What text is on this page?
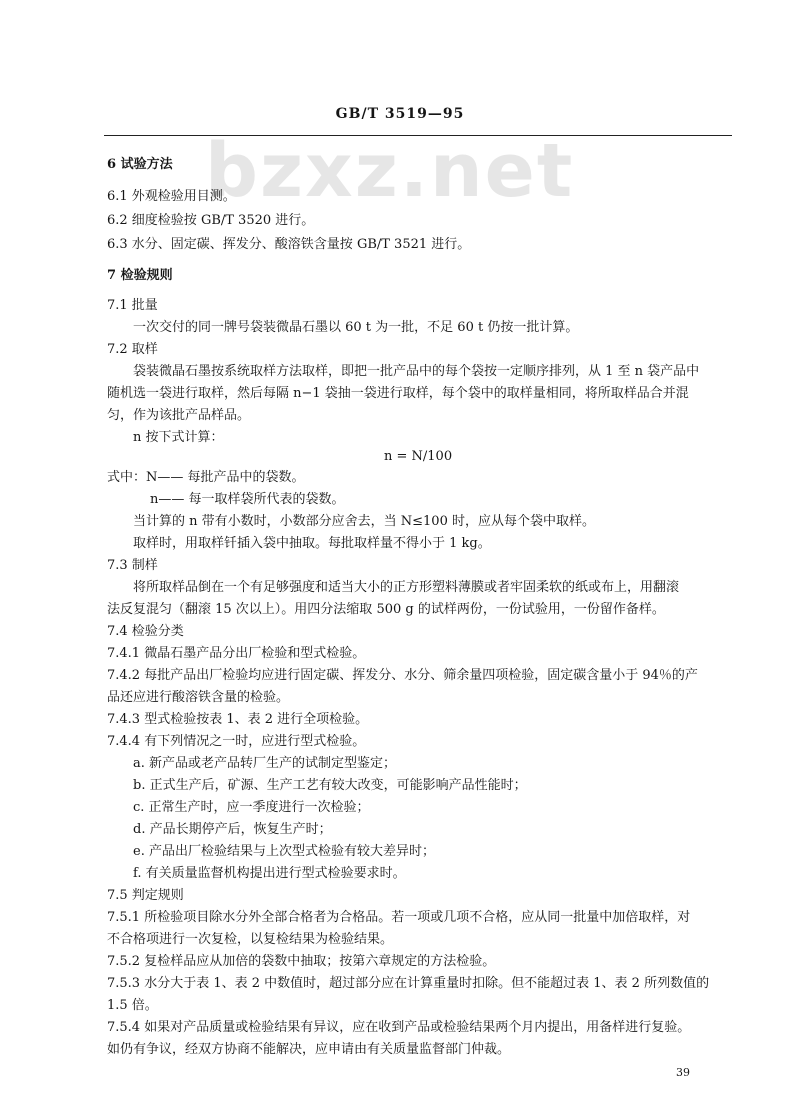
bzxz.net
GB/T 3519—95
6 试验方法
6.1 外观检验用目测。
6.2 细度检验按 GB/T 3520 进行。
6.3 水分、固定碳、挥发分、酸溶铁含量按 GB/T 3521 进行。
7 检验规则
7.1 批量
一次交付的同一牌号袋装微晶石墨以 60 t 为一批，不足 60 t 仍按一批计算。
7.2 取样
袋装微晶石墨按系统取样方法取样，即把一批产品中的每个袋按一定顺序排列，从 1 至 n 袋产品中
随机选一袋进行取样，然后每隔 n−1 袋抽一袋进行取样，每个袋中的取样量相同，将所取样品合并混
匀，作为该批产品样品。
n 按下式计算：
n = N/100
式中：N—— 每批产品中的袋数。
n—— 每一取样袋所代表的袋数。
当计算的 n 带有小数时，小数部分应舍去，当 N≤100 时，应从每个袋中取样。
取样时，用取样钎插入袋中抽取。每批取样量不得小于 1 kg。
7.3 制样
将所取样品倒在一个有足够强度和适当大小的正方形塑料薄膜或者牢固柔软的纸或布上，用翻滚
法反复混匀（翻滚 15 次以上）。用四分法缩取 500 g 的试样两份，一份试验用，一份留作备样。
7.4 检验分类
7.4.1 微晶石墨产品分出厂检验和型式检验。
7.4.2 每批产品出厂检验均应进行固定碳、挥发分、水分、筛余量四项检验，固定碳含量小于 94％的产
品还应进行酸溶铁含量的检验。
7.4.3 型式检验按表 1、表 2 进行全项检验。
7.4.4 有下列情况之一时，应进行型式检验。
a. 新产品或老产品转厂生产的试制定型鉴定；
b. 正式生产后，矿源、生产工艺有较大改变，可能影响产品性能时；
c. 正常生产时，应一季度进行一次检验；
d. 产品长期停产后，恢复生产时；
e. 产品出厂检验结果与上次型式检验有较大差异时；
f. 有关质量监督机构提出进行型式检验要求时。
7.5 判定规则
7.5.1 所检验项目除水分外全部合格者为合格品。若一项或几项不合格，应从同一批量中加倍取样，对
不合格项进行一次复检，以复检结果为检验结果。
7.5.2 复检样品应从加倍的袋数中抽取；按第六章规定的方法检验。
7.5.3 水分大于表 1、表 2 中数值时，超过部分应在计算重量时扣除。但不能超过表 1、表 2 所列数值的
1.5 倍。
7.5.4 如果对产品质量或检验结果有异议，应在收到产品或检验结果两个月内提出，用备样进行复验。
如仍有争议，经双方协商不能解决，应申请由有关质量监督部门仲裁。
39
